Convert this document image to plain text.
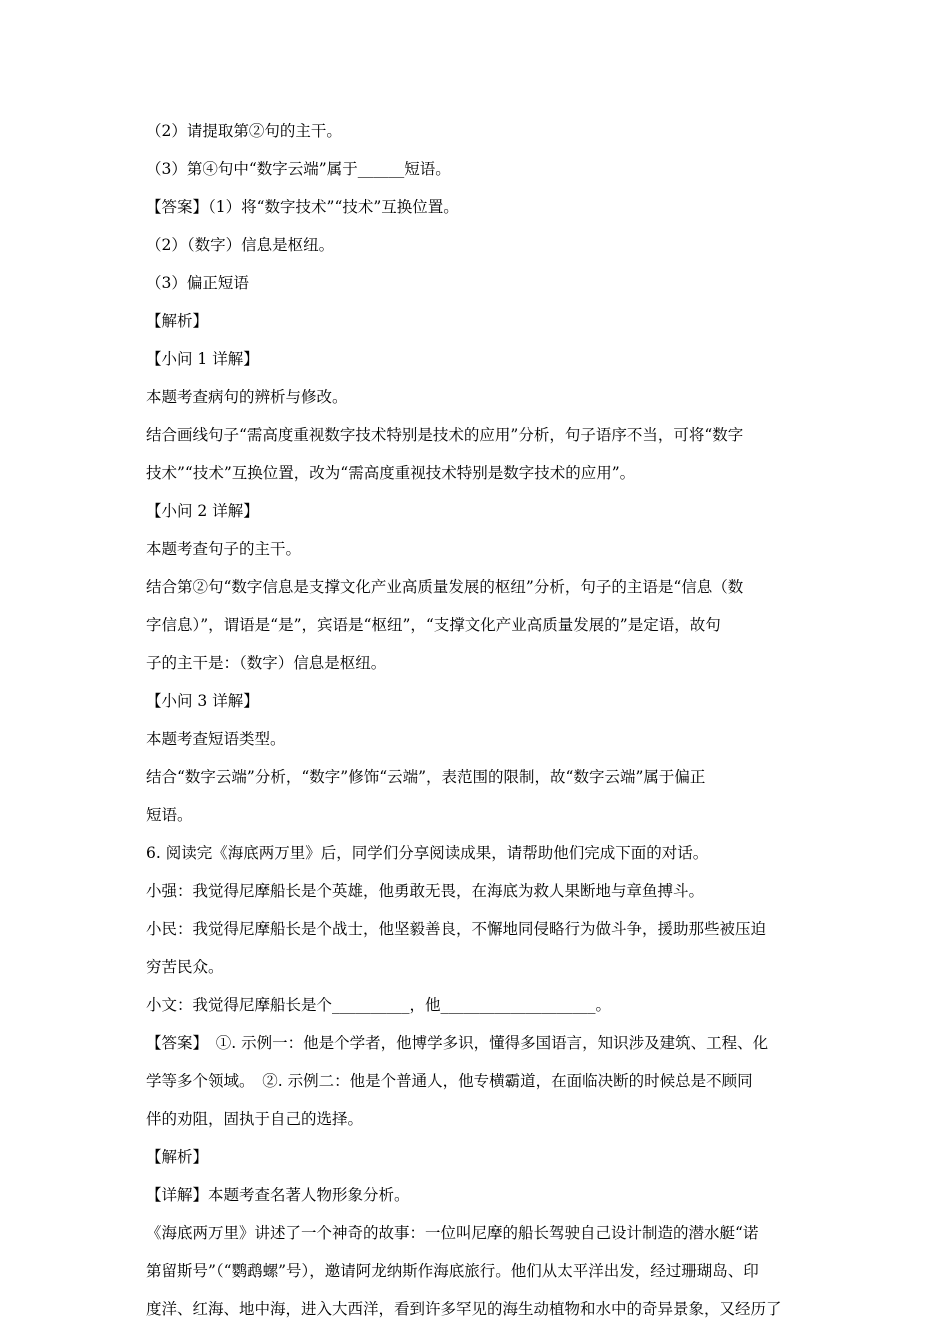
（2）请提取第②句的主干。
（3）第④句中“数字云端”属于______短语。
【答案】（1）将“数字技术”“技术”互换位置。
（2）（数字）信息是枢纽。
（3）偏正短语
【解析】
【小问 1 详解】
本题考查病句的辨析与修改。
结合画线句子“需高度重视数字技术特别是技术的应用”分析，句子语序不当，可将“数字
技术”“技术”互换位置，改为“需高度重视技术特别是数字技术的应用”。
【小问 2 详解】
本题考查句子的主干。
结合第②句“数字信息是支撑文化产业高质量发展的枢纽”分析，句子的主语是“信息（数
字信息）”，谓语是“是”，宾语是“枢纽”，“支撑文化产业高质量发展的”是定语，故句
子的主干是：（数字）信息是枢纽。
【小问 3 详解】
本题考查短语类型。
结合“数字云端”分析，“数字”修饰“云端”，表范围的限制，故“数字云端”属于偏正
短语。
6. 阅读完《海底两万里》后，同学们分享阅读成果，请帮助他们完成下面的对话。
小强：我觉得尼摩船长是个英雄，他勇敢无畏，在海底为救人果断地与章鱼搏斗。
小民：我觉得尼摩船长是个战士，他坚毅善良，不懈地同侵略行为做斗争，援助那些被压迫
穷苦民众。
小文：我觉得尼摩船长是个__________，他____________________。
【答案】　①. 示例一：他是个学者，他博学多识，懂得多国语言，知识涉及建筑、工程、化
学等多个领域。　②. 示例二：他是个普通人，他专横霸道，在面临决断的时候总是不顾同
伴的劝阻，固执于自己的选择。
【解析】
【详解】本题考查名著人物形象分析。
《海底两万里》讲述了一个神奇的故事：一位叫尼摩的船长驾驶自己设计制造的潜水艇“诺
第留斯号”（“鹦鹉螺”号），邀请阿龙纳斯作海底旅行。他们从太平洋出发，经过珊瑚岛、印
度洋、红海、地中海，进入大西洋，看到许多罕见的海生动植物和水中的奇异景象，又经历了
